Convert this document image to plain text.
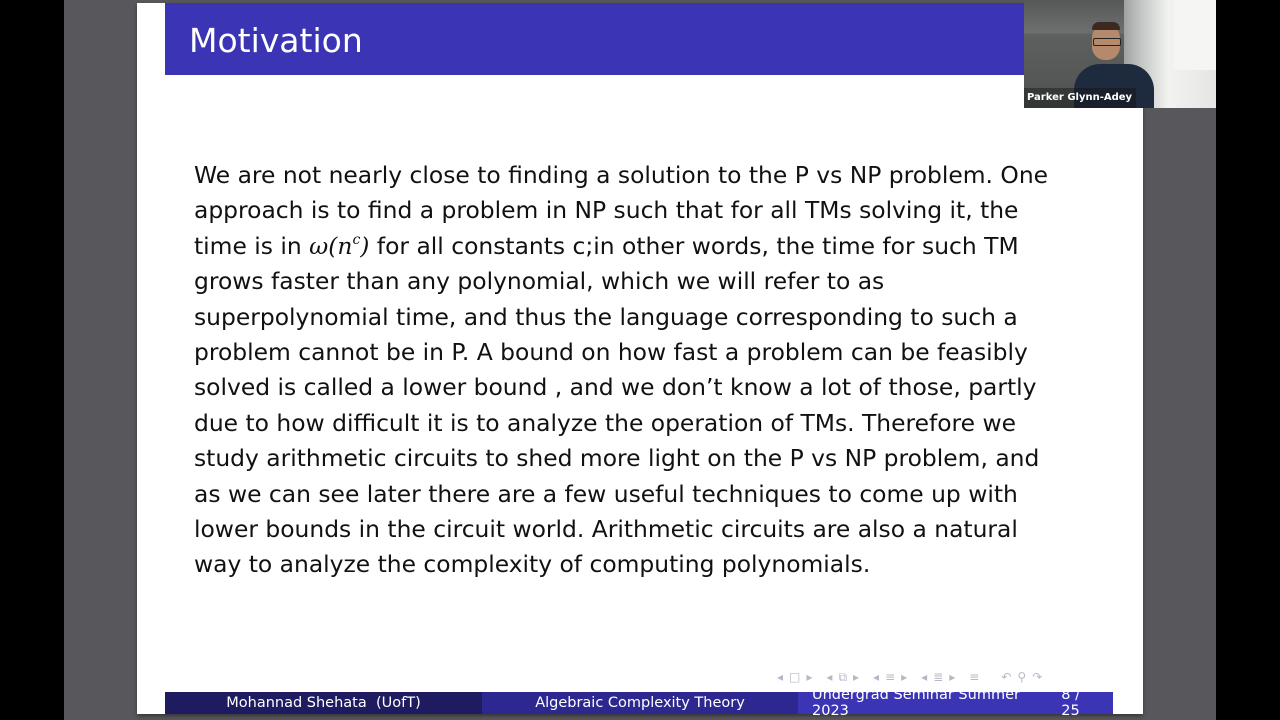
Motivation
We are not nearly close to finding a solution to the P vs NP problem. One
approach is to find a problem in NP such that for all TMs solving it, the
time is in $\omega(n^c)$ for all constants c;in other words, the time for such TM
grows faster than any polynomial, which we will refer to as
superpolynomial time, and thus the language corresponding to such a
problem cannot be in P. A bound on how fast a problem can be feasibly
solved is called a lower bound , and we don’t know a lot of those, partly
due to how difficult it is to analyze the operation of TMs. Therefore we
study arithmetic circuits to shed more light on the P vs NP problem, and
as we can see later there are a few useful techniques to come up with
lower bounds in the circuit world. Arithmetic circuits are also a natural
way to analyze the complexity of computing polynomials.
◂ □ ▸ ◂ ⧉ ▸ ◂ ≡ ▸ ◂ ≣ ▸ ≡ ↶ ⚲ ↷
Mohannad Shehata  (UofT)	Algebraic Complexity Theory	Undergrad Seminar Summer 2023
8 / 25
Parker Glynn-Adey
